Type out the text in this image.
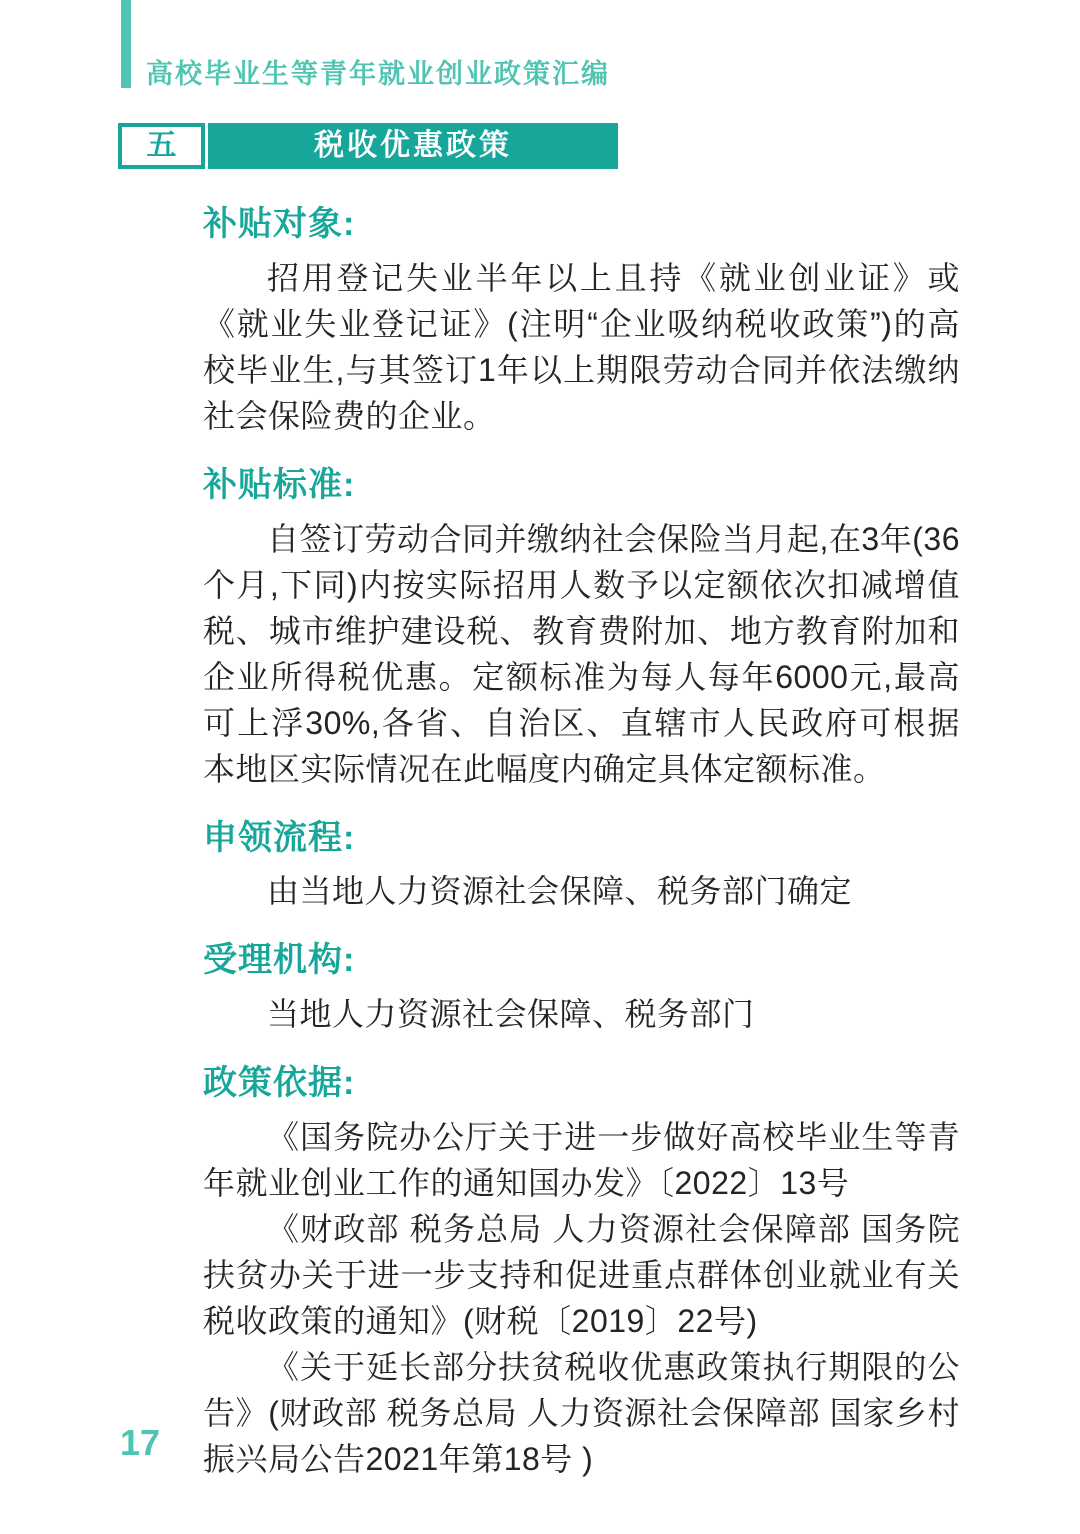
高校毕业生等青年就业创业政策汇编
五	税收优惠政策
补贴对象:

招用登记失业半年以上且持《就业创业证》或《就业失业登记证》(注明“企业吸纳税收政策”)的高校毕业生,与其签订1年以上期限劳动合同并依法缴纳社会保险费的企业。

补贴标准:

自签订劳动合同并缴纳社会保险当月起,在3年(36个月,下同)内按实际招用人数予以定额依次扣减增值税、城市维护建设税、教育费附加、地方教育附加和企业所得税优惠。定额标准为每人每年6000元,最高可上浮30%,各省、自治区、直辖市人民政府可根据本地区实际情况在此幅度内确定具体定额标准。

申领流程:

由当地人力资源社会保障、税务部门确定

受理机构:

当地人力资源社会保障、税务部门

政策依据:

《国务院办公厅关于进一步做好高校毕业生等青年就业创业工作的通知国办发》〔2022〕13号

《财政部 税务总局 人力资源社会保障部 国务院扶贫办关于进一步支持和促进重点群体创业就业有关税收政策的通知》(财税〔2019〕22号)

《关于延长部分扶贫税收优惠政策执行期限的公告》(财政部 税务总局 人力资源社会保障部 国家乡村振兴局公告2021年第18号 )

17
